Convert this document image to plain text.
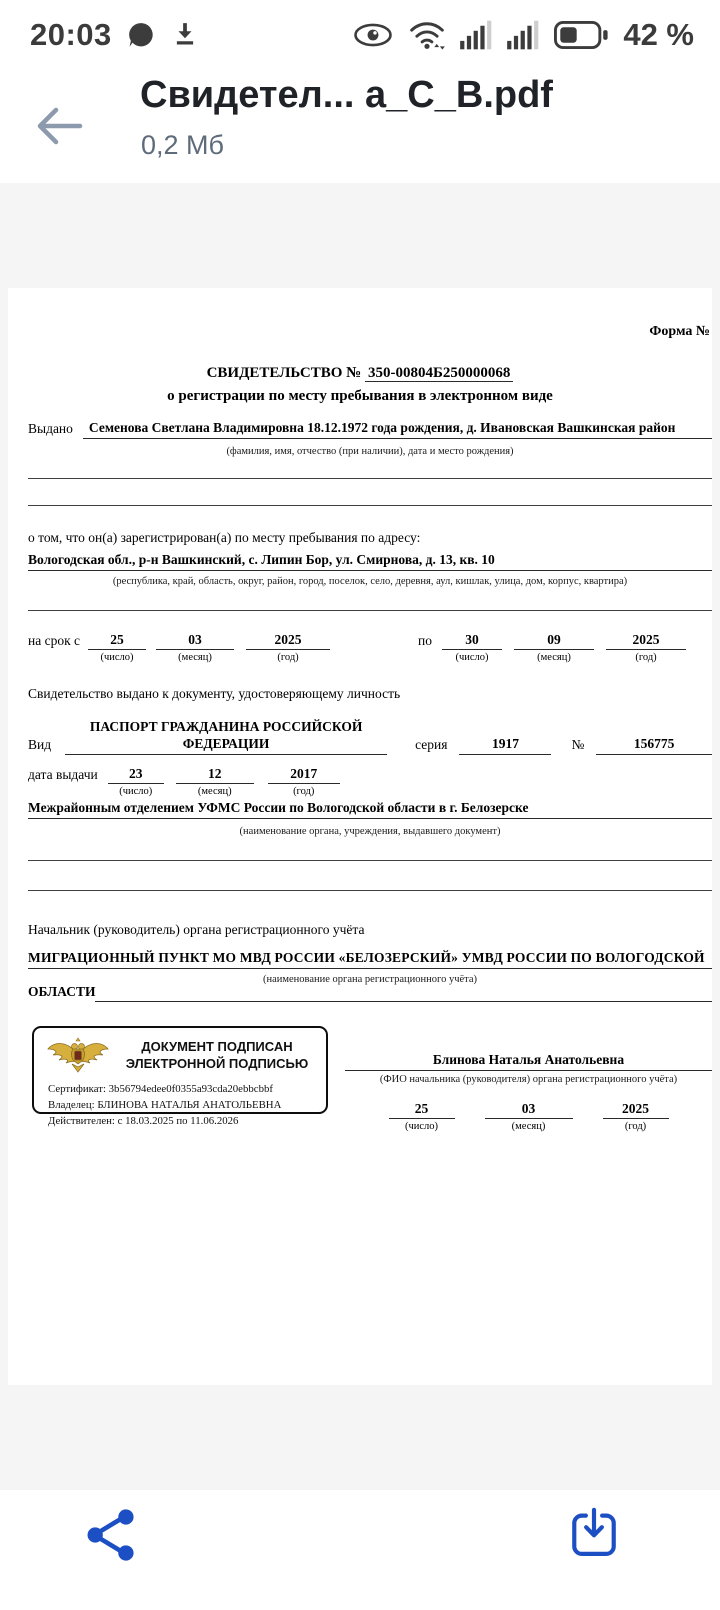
20:03	42 %
Свидетел... а_С_В.pdf
0,2 Мб
Форма №
СВИДЕТЕЛЬСТВО № 350-00804Б250000068
о регистрации по месту пребывания в электронном виде
Выдано	Семенова Светлана Владимировна 18.12.1972 года рождения, д. Ивановская Вашкинская район
(фамилия, имя, отчество (при наличии), дата и место рождения)
о том, что он(а) зарегистрирован(а) по месту пребывания по адресу:
Вологодская обл., р-н Вашкинский, с. Липин Бор, ул. Смирнова, д. 13, кв. 10
(республика, край, область, округ, район, город, поселок, село, деревня, аул, кишлак, улица, дом, корпус, квартира)
на срок с	25
(число)
03
(месяц)
2025
(год)
по	30
(число)
09
(месяц)
2025
(год)
Свидетельство выдано к документу, удостоверяющему личность
Вид
ПАСПОРТ ГРАЖДАНИНА РОССИЙСКОЙ
ФЕДЕРАЦИИ	серия	1917	№	156775
дата выдачи	23
(число)
12
(месяц)
2017
(год)
Межрайонным отделением УФМС России по Вологодской области в г. Белозерске
(наименование органа, учреждения, выдавшего документ)
Начальник (руководитель) органа регистрационного учёта
МИГРАЦИОННЫЙ ПУНКТ МО МВД РОССИИ «БЕЛОЗЕРСКИЙ» УМВД РОССИИ ПО ВОЛОГОДСКОЙ
(наименование органа регистрационного учёта)
ОБЛАСТИ
ДОКУМЕНТ ПОДПИСАН
ЭЛЕКТРОННОЙ ПОДПИСЬЮ
Сертификат: 3b56794edee0f0355a93cda20ebbcbbf
Владелец: БЛИНОВА НАТАЛЬЯ АНАТОЛЬЕВНА
Действителен: с 18.03.2025 по 11.06.2026
Блинова Наталья Анатольевна
(ФИО начальника (руководителя) органа регистрационного учёта)
25
(число)
03
(месяц)
2025
(год)
